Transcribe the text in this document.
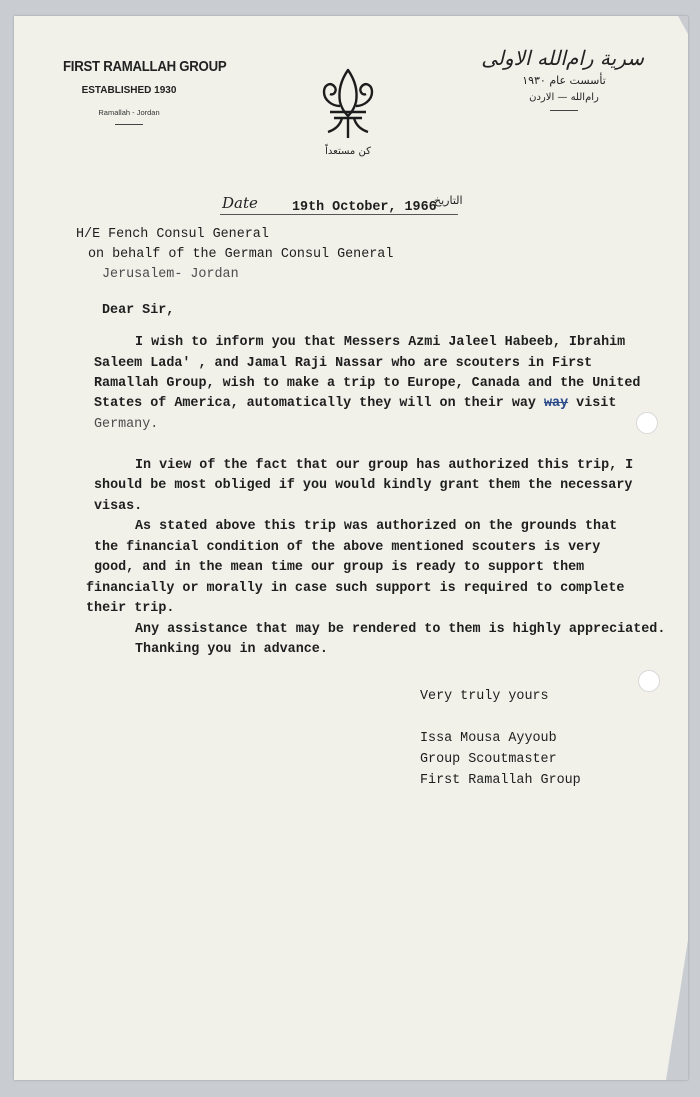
FIRST RAMALLAH GROUP
ESTABLISHED 1930
Ramallah - Jordan
كن مستعداً
سرية رام‌الله الاولى
تأسست عام ١٩٣٠
رام‌الله — الاردن
Date	19th October, 1966
التاريخ
H/E Fench Consul General
on behalf of the German Consul General
Jerusalem- Jordan
Dear Sir,
I wish to inform you that Messers Azmi Jaleel Habeeb, Ibrahim
Saleem Lada' , and Jamal Raji Nassar who are scouters in First
Ramallah Group, wish to make a trip to Europe, Canada and the United
States of America, automatically they will on their way way visit
Germany.
In view of the fact that our group has authorized this trip, I
should be most obliged if you would kindly grant them the necessary
visas.
As stated above this trip was authorized on the grounds that
the financial condition of the above mentioned scouters is very
good, and in the mean time our group is ready to support them
financially or morally in case such support is required to complete
their trip.
Any assistance that may be rendered to them is highly appreciated.
Thanking you in advance.
Very truly yours
Issa Mousa Ayyoub
Group Scoutmaster
First Ramallah Group
